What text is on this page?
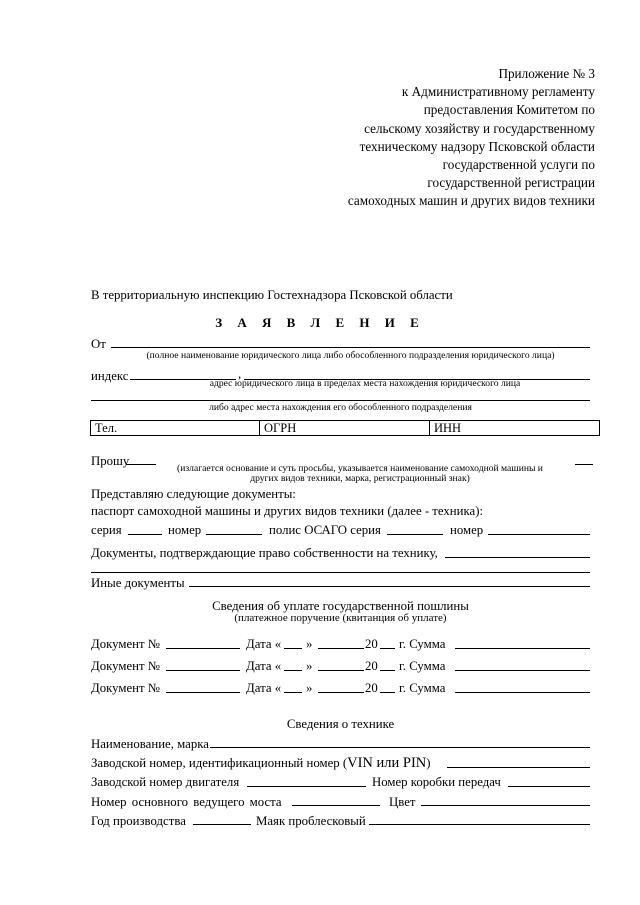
Приложение № 3
к Административному регламенту
предоставления Комитетом по
сельскому хозяйству и государственному
техническому надзору Псковской области
государственной услуги по
государственной регистрации
самоходных машин и других видов техники
В территориальную инспекцию Гостехнадзора Псковской области
З А Я В Л Е Н И Е
От
(полное наименование юридического лица либо обособленного подразделения юридического лица)
индекс	,
адрес юридического лица в пределах места нахождения юридического лица
либо адрес места нахождения его обособленного подразделения
Тел.	ОГРН	ИНН
Прошу
(излагается основание и суть просьбы, указывается наименование самоходной машины и
других видов техники, марка, регистрационный знак)
Представляю следующие документы:
паспорт самоходной машины и других видов техники (далее - техника):
серия	номер	полис ОСАГО серия	номер
Документы, подтверждающие право собственности на технику,
Иные документы
Сведения об уплате государственной пошлины
(платежное поручение (квитанция об уплате)
Документ №	Дата « »	20 г. Сумма
Документ №	Дата « »	20 г. Сумма
Документ №	Дата « »	20 г. Сумма
Сведения о технике
Наименование, марка
Заводской номер, идентификационный номер (VIN или PIN)
Заводской номер двигателя	Номер коробки передач
Номер основного ведущего моста	Цвет
Год производства	Маяк проблесковый
